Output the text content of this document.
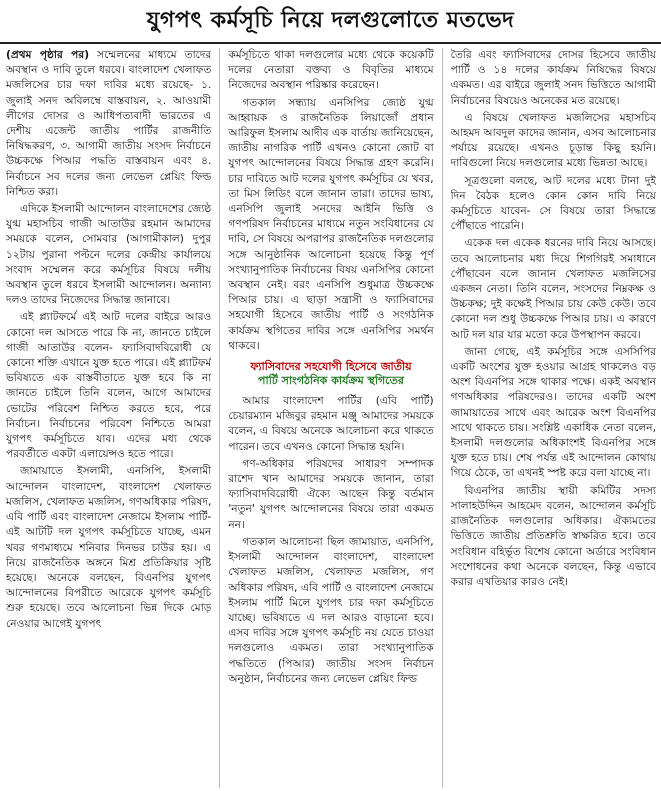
যুগপৎ কর্মসূচি নিয়ে দলগুলোতে মতভেদ

(প্রথম পৃষ্ঠার পর) সম্মেলনের মাধ্যমে তাদের অবস্থান ও দাবি তুলে ধরবে। বাংলাদেশ খেলাফত মজলিসের চার দফা দাবির মধ্যে রয়েছে- ১. জুলাই সনদ অবিলম্বে বাস্তবায়ন, ২. আওয়ামী লীগের দোসর ও আধিপত্যবাদী ভারতের এ দেশীয় এজেন্ট জাতীয় পার্টির রাজনীতি নিষিদ্ধকরণ, ৩. আগামী জাতীয় সংসদ নির্বাচনে উচ্চকক্ষে পিআর পদ্ধতি বাস্তবায়ন এবং ৪. নির্বাচনে সব দলের জন্য লেভেল প্লেয়িং ফিল্ড নিশ্চিত করা।

এদিকে ইসলামী আন্দোলন বাংলাদেশের জ্যেষ্ঠ যুগ্ম মহাসচিব গাজী আতাউর রহমান আমাদের সময়কে বলেন, সোমবার (আগামীকাল) দুপুর ১২টায় পুরানা পল্টনে দলের কেন্দ্রীয় কার্যালয়ে সংবাদ সম্মেলন করে কর্মসূচির বিষয়ে দলীয় অবস্থান তুলে ধরবে ইসলামী আন্দোলন। অন্যান্য দলও তাদের নিজেদের সিদ্ধান্ত জানাবে।

এই প্ল্যাটফর্মে এই আট দলের বাইরে আরও কোনো দল আসতে পারে কি না, জানতে চাইলে গাজী আতাউর বলেন- ফ্যাসিবাদবিরোধী যে কোনো শক্তি এখানে যুক্ত হতে পারে। এই প্ল্যাটফর্ম ভবিষ্যতে এক বাস্তবীতাতে যুক্ত হবে কি না জানতে চাইলে তিনি বলেন, আগে আমাদের ভোটের পরিবেশ নিশ্চিত করতে হবে, পরে নির্বাচন। নির্বাচনের পরিবেশ নিশ্চিতে আমরা যুগপৎ কর্মসূচিতে যাব। এদের মধ্য থেকে পরবর্তীতে একটা এলায়েন্সও হতে পারে।

জামায়াতে ইসলামী, এনসিপি, ইসলামী আন্দোলন বাংলাদেশ, বাংলাদেশ খেলাফত মজলিস, খেলাফত মজলিস, গণঅধিকার পরিষদ, এবি পার্টি এবং বাংলাদেশ নেজামে ইসলাম পার্টি- এই আটটি দল যুগপৎ কর্মসূচিতে যাচ্ছে, এমন খবর গণমাধ্যমে শনিবার দিনভর চাউর হয়। এ নিয়ে রাজনৈতিক অঙ্গনে মিশ্র প্রতিক্রিয়ার সৃষ্টি হয়েছে। অনেকে বলছেন, বিএনপির যুগপৎ আন্দোলনের বিপরীতে আরেকে যুগপৎ কর্মসূচি শুরু হয়েছে। তবে আলোচনা ভিন্ন দিকে মোড় নেওয়ার আগেই যুগপৎ

কর্মসূচিতে থাকা দলগুলোর মধ্যে থেকে কয়েকটি দলের নেতারা বক্তব্য ও বিবৃতির মাধ্যমে নিজেদের অবস্থান পরিষ্কার করেছেন।

গতকাল সন্ধ্যায় এনসিপির জ্যেষ্ঠ যুগ্ম আহ্বায়ক ও রাজনৈতিক লিয়াজোঁ প্রধান আরিফুল ইসলাম আদীব এক বার্তায় জানিয়েছেন, জাতীয় নাগরিক পার্টি এখনও কোনো জোট বা যুগপৎ আন্দোলনের বিষয়ে সিদ্ধান্ত গ্রহণ করেনি। চার দাবিতে আট দলের যুগপৎ কর্মসূচির যে খবর, তা মিস লিডিং বলে জানান তারা। তাদের ভাষ্য, এনসিপি জুলাই সনদের আইনি ভিত্তি ও গণপরিষদ নির্বাচনের মাধ্যমে নতুন সংবিধানের যে দাবি, সে বিষয়ে অপরাপর রাজনৈতিক দলগুলোর সঙ্গে আনুষ্ঠানিক আলোচনা হয়েছে কিন্তু পূর্ণ সংখ্যানুপাতিক নির্বাচনের বিষয় এনসিপির কোনো অবস্থান নেই। বরং এনসিপি শুধুমাত্র উচ্চকক্ষে পিআর চায়। এ ছাড়া সন্ত্রাসী ও ফ্যাসিবাদের সহযোগী হিসেবে জাতীয় পার্টি ও সংগঠনিক কার্যক্রম স্থগিতের দাবির সঙ্গে এনসিপির সমর্থন থাকবে।

ফ্যাসিবাদের সহযোগী হিসেবে জাতীয়
পার্টি সাংগঠনিক কার্যক্রম স্থগিতের

আমার বাংলাদেশ পার্টির (এবি পার্টি) চেয়ারম্যান মজিবুর রহমান মঞ্জু আমাদের সময়কে বলেন, এ বিষয়ে অনেকে আলোচনা করে থাকতে পারেন। তবে এখনও কোনো সিদ্ধান্ত হয়নি।

গণ-অধিকার পরিষদের সাধারণ সম্পাদক রাশেদ খান আমাদের সময়কে জানান, তারা ফ্যাসিবাদবিরোধী ঐক্যে আছেন কিন্তু বর্তমান 'নতুন' যুগপৎ আন্দোলনের বিষয়ে তারা একমত নন।

গতকাল আলোচনা ছিল জামায়াত, এনসিপি, ইসলামী আন্দোলন বাংলাদেশ, বাংলাদেশ খেলাফত মজলিস, খেলাফত মজলিস, গণ অধিকার পরিষদ, এবি পার্টি ও বাংলাদেশ নেজামে ইসলাম পার্টি মিলে যুগপৎ চার দফা কর্মসূচিতে যাচ্ছে। ভবিষ্যতে এ দল আরও বাড়ানো হবে। এসব দাবির সঙ্গে যুগপৎ কর্মসূচি নয় যেতে চাওয়া দলগুলোও একমত। তারা সংখ্যানুপাতিক পদ্ধতিতে (পিআর) জাতীয় সংসদ নির্বাচন অনুষ্ঠান, নির্বাচনের জন্য লেভেল প্লেয়িং ফিল্ড

তৈরি এবং ফ্যাসিবাদের দোসর হিসেবে জাতীয় পার্টি ও ১৪ দলের কার্যক্রম নিষিদ্ধের বিষয়ে একমত। এর বাইরে জুলাই সনদ ভিত্তিতে আগামী নির্বাচনের বিষয়েও অনেকের মত রয়েছে।

এ বিষয়ে খেলাফত মজলিসের মহাসচিব আহমদ আবদুল কাদের জানান, এসব আলোচনার পর্যায়ে রয়েছে। এখনও চূড়ান্ত কিছু হয়নি। দাবিগুলো নিয়ে দলগুলোর মধ্যে ভিন্নতা আছে।

সূত্রগুলো বলছে, আট দলের মধ্যে টানা দুই দিন বৈঠক হলেও কোন কোন দাবি নিয়ে কর্মসূচিতে যাবেন- সে বিষয়ে তারা সিদ্ধান্তে পৌঁছাতে পারেনি।

একেক দল একেক ধরনের দাবি নিয়ে আসছে। তবে আলোচনার মধ্য দিয়ে শিগগিরই সমাধানে পৌঁছাবেন বলে জানান খেলাফত মজলিসের একজন নেতা। তিনি বলেন, সংসদের নিম্নকক্ষ ও উচ্চকক্ষ; দুই কক্ষেই পিআর চায় কেউ কেউ। তবে কোনো দল শুধু উচ্চকক্ষে পিআর চায়। এ কারণে আট দল যার যার মতো করে উপস্থাপন করবে।

জানা গেছে, এই কর্মসূচির সঙ্গে এসসিপির একটি অংশের যুক্ত হওয়ার আগ্রহ থাকলেও বড় অংশ বিএনপির সঙ্গে থাকার পক্ষে। একই অবস্থান গণঅধিকার পরিষদেরও। তাদের একটি অংশ জামায়াতের সাথে এবং আরেক অংশ বিএনপির সাথে থাকতে চায়। সংশ্লিষ্ট একাধিক নেতা বলেন, ইসলামী দলগুলোর অধিকাংশই বিএনপির সঙ্গে যুক্ত হতে চায়। শেষ পর্যন্ত এই আন্দোলন কোথায় গিয়ে ঠেকে, তা এখনই স্পষ্ট করে বলা যাচ্ছে না।

বিএনপির জাতীয় স্থায়ী কমিটির সদস্য সালাহউদ্দিন আহমেদ বলেন, আন্দোলন কর্মসূচি রাজনৈতিক দলগুলোর অধিকার। ঐক্যমতের ভিত্তিতে জাতীয় প্রতিশ্রুতি স্বাক্ষরিত হবে। তবে সংবিধান বহির্ভূত বিশেষ কোনো অর্ডারে সংবিধান সংশোধনের কথা অনেকে বলছেন, কিন্তু এভাবে করার এখতিয়ার কারও নেই।
